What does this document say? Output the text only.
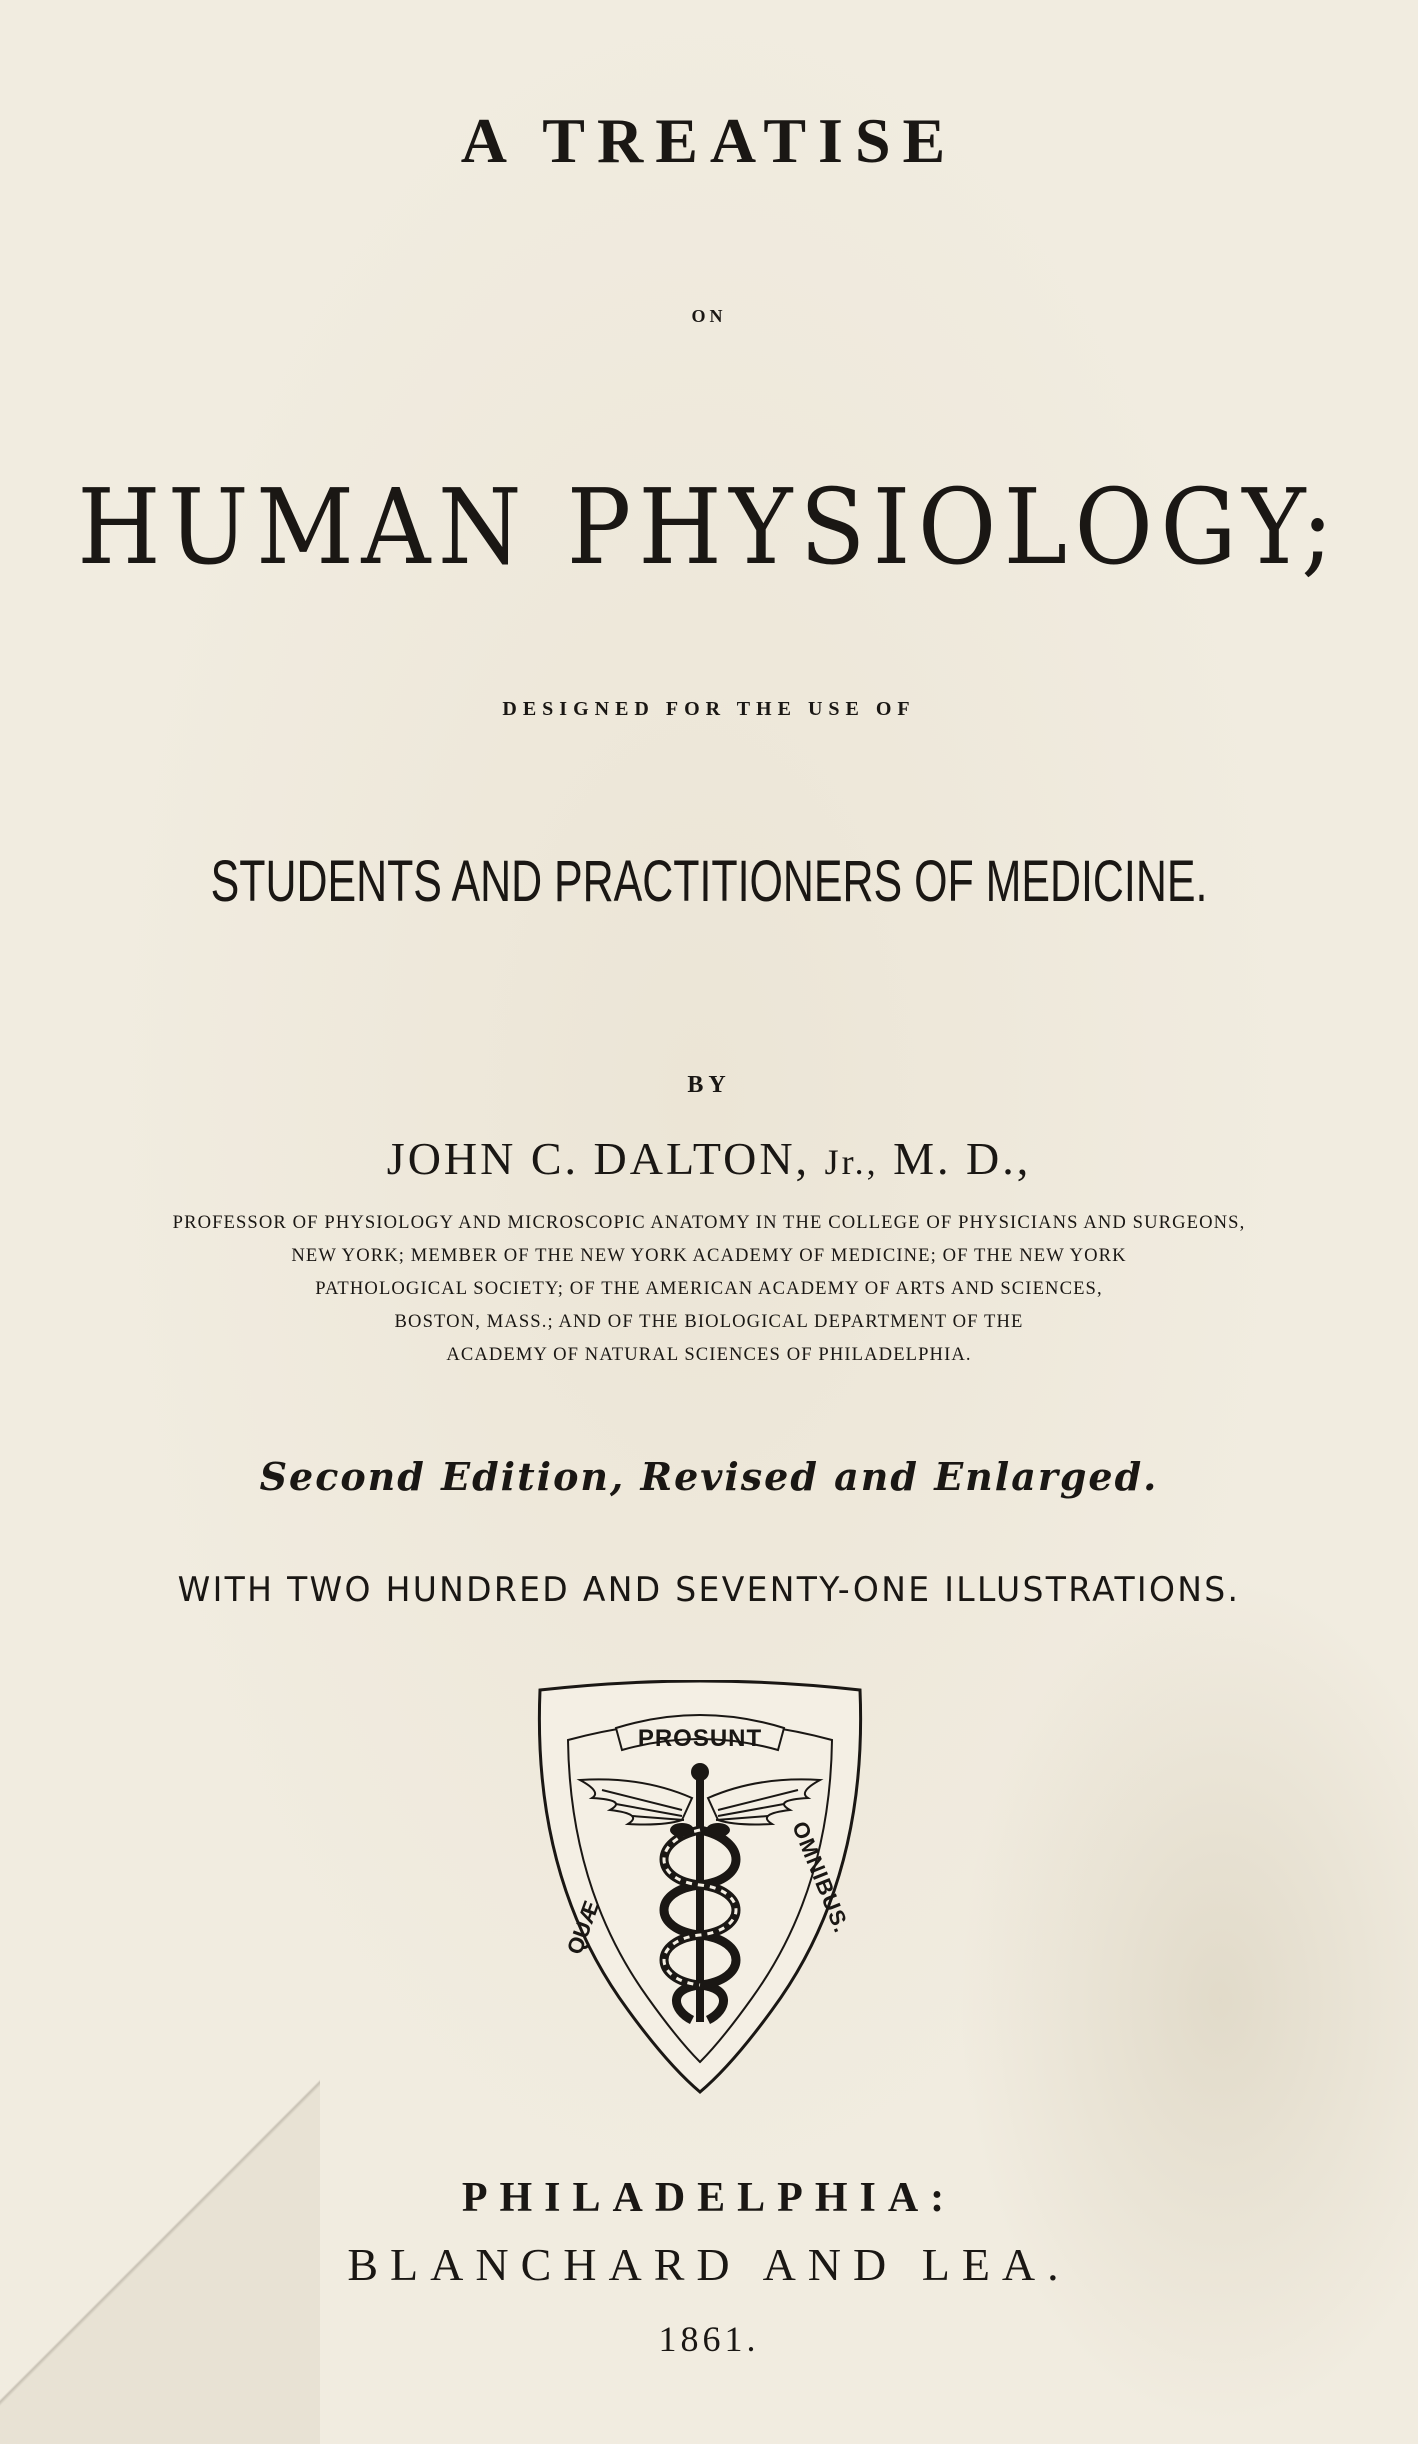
A TREATISE
ON
HUMAN PHYSIOLOGY;
DESIGNED FOR THE USE OF
STUDENTS AND PRACTITIONERS OF MEDICINE.
BY
JOHN C. DALTON, Jr., M. D.,
PROFESSOR OF PHYSIOLOGY AND MICROSCOPIC ANATOMY IN THE COLLEGE OF PHYSICIANS AND SURGEONS,
NEW YORK; MEMBER OF THE NEW YORK ACADEMY OF MEDICINE; OF THE NEW YORK
PATHOLOGICAL SOCIETY; OF THE AMERICAN ACADEMY OF ARTS AND SCIENCES,
BOSTON, MASS.; AND OF THE BIOLOGICAL DEPARTMENT OF THE
ACADEMY OF NATURAL SCIENCES OF PHILADELPHIA.
Second Edition, Revised and Enlarged.
WITH TWO HUNDRED AND SEVENTY-ONE ILLUSTRATIONS.
PROSUNT
QUÆ	OMNIBUS.
PHILADELPHIA:
BLANCHARD AND LEA.
1861.
